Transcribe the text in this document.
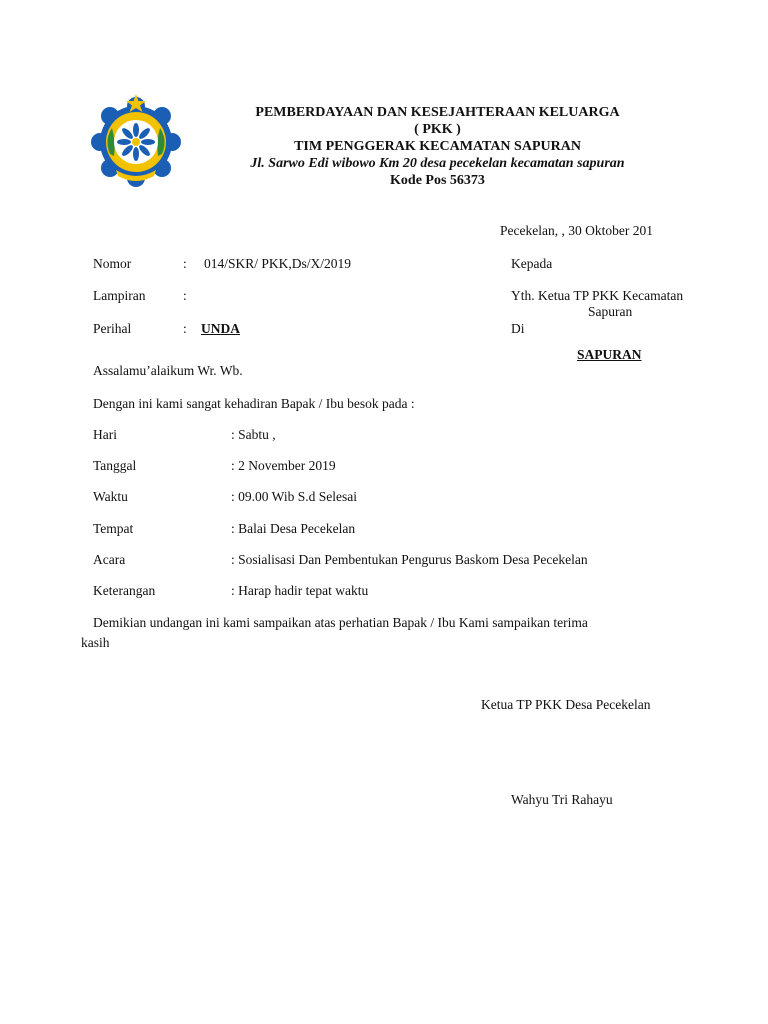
PEMBERDAYAAN DAN KESEJAHTERAAN KELUARGA
( PKK )
TIM PENGGERAK KECAMATAN SAPURAN
Jl. Sarwo Edi wibowo Km 20 desa pecekelan kecamatan sapuran
Kode Pos 56373
Pecekelan, , 30 Oktober 201
Nomor	: 014/SKR/ PKK,Ds/X/2019
Lampiran	:
Perihal	: UNDA
Kepada
Yth. Ketua TP PKK Kecamatan
Sapuran
Di
SAPURAN
Assalamu’alaikum Wr. Wb.
Dengan ini kami sangat kehadiran Bapak / Ibu besok pada :
Hari	: Sabtu ,
Tanggal	: 2 November 2019
Waktu	: 09.00 Wib S.d Selesai
Tempat	: Balai Desa Pecekelan
Acara	: Sosialisasi Dan Pembentukan Pengurus Baskom Desa Pecekelan
Keterangan	: Harap hadir tepat waktu
Demikian undangan ini kami sampaikan atas perhatian Bapak / Ibu Kami sampaikan terima
kasih
Ketua TP PKK Desa Pecekelan
Wahyu Tri Rahayu
